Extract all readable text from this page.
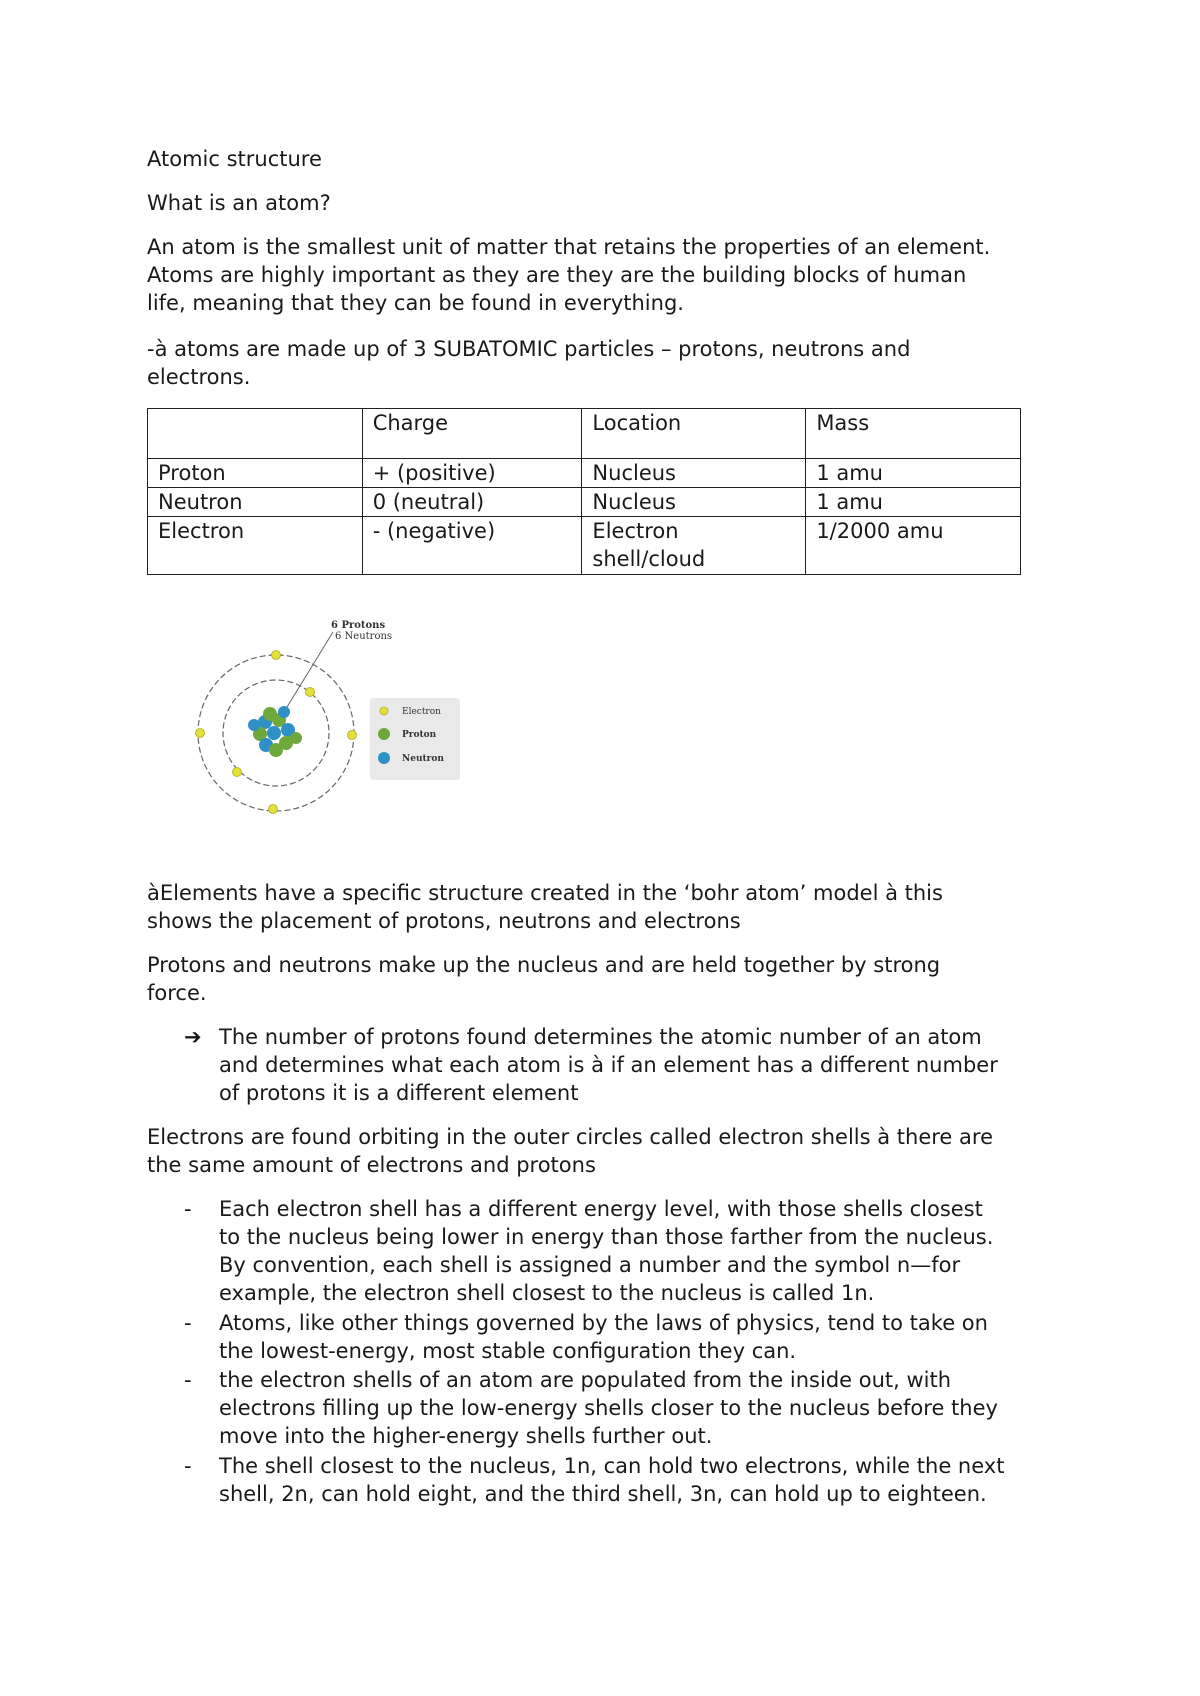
Atomic structure
What is an atom?
An atom is the smallest unit of matter that retains the properties of an element.
Atoms are highly important as they are they are the building blocks of human
life, meaning that they can be found in everything.
-à atoms are made up of 3 SUBATOMIC particles – protons, neutrons and
electrons.
	Charge	Location	Mass
Proton	+ (positive)	Nucleus	1 amu
Neutron	0 (neutral)	Nucleus	1 amu
Electron	- (negative)	Electron shell/cloud	1/2000 amu
6 Protons
6 Neutrons
Electron
Proton
Neutron
àElements have a specific structure created in the ‘bohr atom’ model à this
shows the placement of protons, neutrons and electrons
Protons and neutrons make up the nucleus and are held together by strong
force.
➔ The number of protons found determines the atomic number of an atom
and determines what each atom is à if an element has a different number
of protons it is a different element
Electrons are found orbiting in the outer circles called electron shells à there are
the same amount of electrons and protons
- Each electron shell has a different energy level, with those shells closest
to the nucleus being lower in energy than those farther from the nucleus.
By convention, each shell is assigned a number and the symbol n—for
example, the electron shell closest to the nucleus is called 1n.
- Atoms, like other things governed by the laws of physics, tend to take on
the lowest-energy, most stable configuration they can.
- the electron shells of an atom are populated from the inside out, with
electrons filling up the low-energy shells closer to the nucleus before they
move into the higher-energy shells further out.
- The shell closest to the nucleus, 1n, can hold two electrons, while the next
shell, 2n, can hold eight, and the third shell, 3n, can hold up to eighteen.
